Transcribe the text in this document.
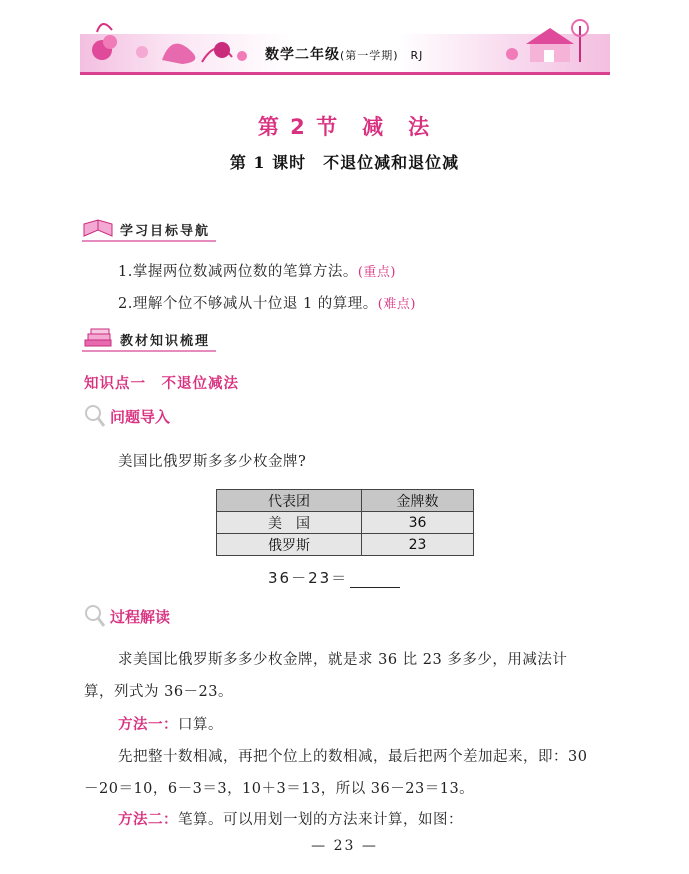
数学二年级(第一学期) RJ
第 2 节　减　法
第 1 课时　不退位减和退位减
学习目标导航
1.掌握两位数减两位数的笔算方法。(重点)
2.理解个位不够减从十位退 1 的算理。(难点)
教材知识梳理
知识点一　不退位减法
问题导入
美国比俄罗斯多多少枚金牌?
代表团	金牌数
美　国	36
俄罗斯	23
36－23＝
过程解读
求美国比俄罗斯多多少枚金牌，就是求 36 比 23 多多少，用减法计
算，列式为 36－23。
方法一：口算。
先把整十数相减，再把个位上的数相减，最后把两个差加起来，即：30
－20＝10，6－3＝3，10＋3＝13，所以 36－23＝13。
方法二：笔算。可以用划一划的方法来计算，如图：
— 23 —
